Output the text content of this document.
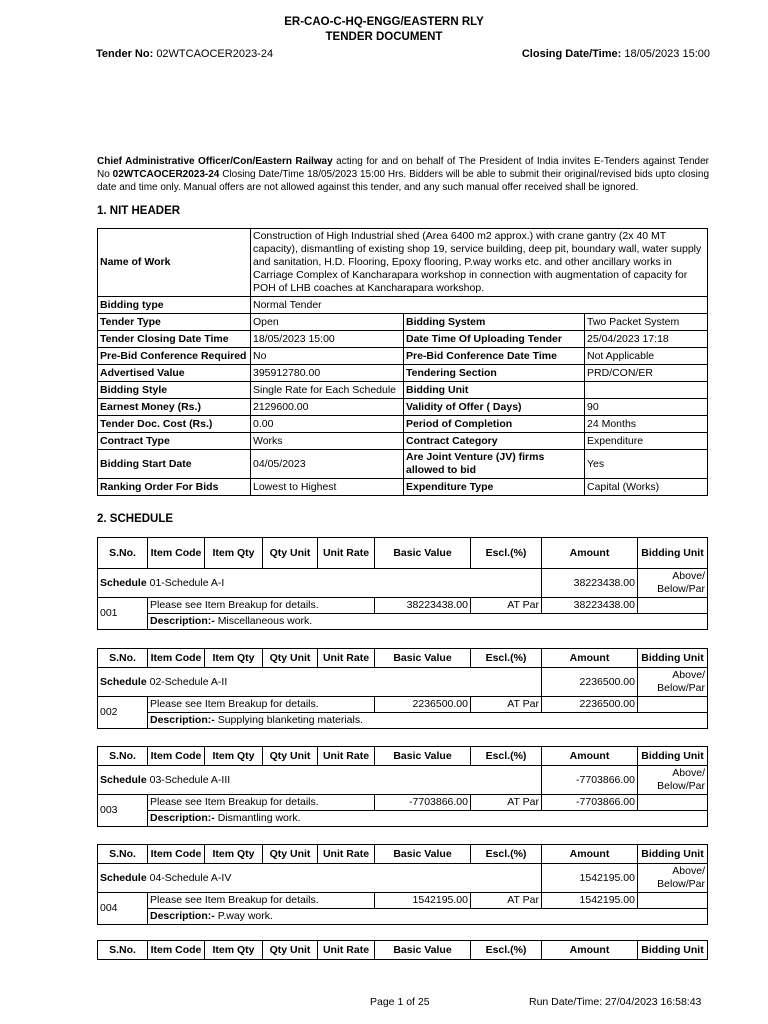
ER-CAO-C-HQ-ENGG/EASTERN RLY
TENDER DOCUMENT
Tender No: 02WTCAOCER2023-24	Closing Date/Time: 18/05/2023 15:00
Chief Administrative Officer/Con/Eastern Railway acting for and on behalf of The President of India invites E-Tenders against Tender No 02WTCAOCER2023-24 Closing Date/Time 18/05/2023 15:00 Hrs. Bidders will be able to submit their original/revised bids upto closing date and time only. Manual offers are not allowed against this tender, and any such manual offer received shall be ignored.
1. NIT HEADER
Name of Work	Construction of High Industrial shed (Area 6400 m2 approx.) with crane gantry (2x 40 MT capacity), dismantling of existing shop 19, service building, deep pit, boundary wall, water supply and sanitation, H.D. Flooring, Epoxy flooring, P.way works etc. and other ancillary works in Carriage Complex of Kancharapara workshop in connection with augmentation of capacity for POH of LHB coaches at Kancharapara workshop.		
Bidding type	Normal Tender		
Tender Type	Open	Bidding System	Two Packet System
Tender Closing Date Time	18/05/2023 15:00	Date Time Of Uploading Tender	25/04/2023 17:18
Pre-Bid Conference Required	No	Pre-Bid Conference Date Time	Not Applicable
Advertised Value	395912780.00	Tendering Section	PRD/CON/ER
Bidding Style	Single Rate for Each Schedule	Bidding Unit	
Earnest Money (Rs.)	2129600.00	Validity of Offer ( Days)	90
Tender Doc. Cost (Rs.)	0.00	Period of Completion	24 Months
Contract Type	Works	Contract Category	Expenditure
Bidding Start Date	04/05/2023	Are Joint Venture (JV) firms allowed to bid	Yes
Ranking Order For Bids	Lowest to Highest	Expenditure Type	Capital (Works)
2. SCHEDULE
S.No.	Item Code	Item Qty	Qty Unit	Unit Rate	Basic Value	Escl.(%)	Amount	Bidding Unit
Schedule 01-Schedule A-I							38223438.00	Above/ Below/Par
001	Please see Item Breakup for details.				38223438.00	AT Par	38223438.00	
	Description:- Miscellaneous work.							
S.No.	Item Code	Item Qty	Qty Unit	Unit Rate	Basic Value	Escl.(%)	Amount	Bidding Unit
Schedule 02-Schedule A-II							2236500.00	Above/ Below/Par
002	Please see Item Breakup for details.				2236500.00	AT Par	2236500.00	
	Description:- Supplying blanketing materials.							
S.No.	Item Code	Item Qty	Qty Unit	Unit Rate	Basic Value	Escl.(%)	Amount	Bidding Unit
Schedule 03-Schedule A-III							-7703866.00	Above/ Below/Par
003	Please see Item Breakup for details.				-7703866.00	AT Par	-7703866.00	
	Description:- Dismantling work.							
S.No.	Item Code	Item Qty	Qty Unit	Unit Rate	Basic Value	Escl.(%)	Amount	Bidding Unit
Schedule 04-Schedule A-IV							1542195.00	Above/ Below/Par
004	Please see Item Breakup for details.				1542195.00	AT Par	1542195.00	
	Description:- P.way work.							
S.No.	Item Code	Item Qty	Qty Unit	Unit Rate	Basic Value	Escl.(%)	Amount	Bidding Unit
Page 1 of 25	Run Date/Time: 27/04/2023 16:58:43
